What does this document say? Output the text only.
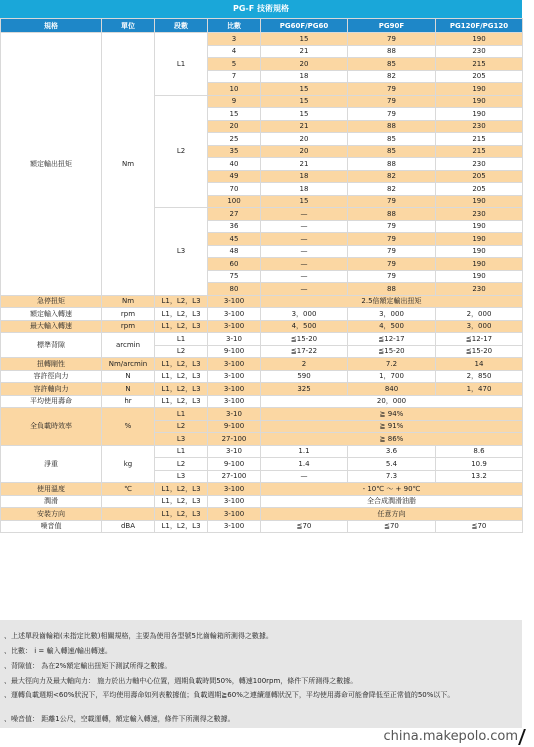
PG-F 技術規格
規格	單位	段數	比數	PG60F/PG60	PG90F	PG120F/PG120
額定輸出扭矩	Nm	L1	3	15	79	190
			4	21	88	230
			5	20	85	215
			7	18	82	205
			10	15	79	190
		L2	9	15	79	190
			15	15	79	190
			20	21	88	230
			25	20	85	215
			35	20	85	215
			40	21	88	230
			49	18	82	205
			70	18	82	205
			100	15	79	190
		L3	27	—	88	230
			36	—	79	190
			45	—	79	190
			48	—	79	190
			60	—	79	190
			75	—	79	190
			80	—	88	230
急停扭矩	Nm	L1，L2，L3	3-100	2.5倍額定輸出扭矩		
額定輸入轉速	rpm	L1，L2，L3	3-100	3，000	3，000	2，000
最大輸入轉速	rpm	L1，L2，L3	3-100	4，500	4，500	3，000
標準背隙	arcmin	L1	3-10	≦15-20	≦12-17	≦12-17
		L2	9-100	≦17-22	≦15-20	≦15-20
扭轉剛性	Nm/arcmin	L1，L2，L3	3-100	2	7.2	14
容許徑向力	N	L1，L2，L3	3-100	590	1，700	2，850
容許軸向力	N	L1，L2，L3	3-100	325	840	1，470
平均使用壽命	hr	L1，L2，L3	3-100	20，000		
全負載時效率	%	L1	3-10	≧ 94%		
		L2	9-100	≧ 91%		
		L3	27-100	≧ 86%		
淨重	kg	L1	3-10	1.1	3.6	8.6
		L2	9-100	1.4	5.4	10.9
		L3	27-100	—	7.3	13.2
使用溫度	℃	L1，L2，L3	3-100	- 10℃ ～ + 90℃		
潤滑		L1，L2，L3	3-100	全合成潤滑油脂		
安裝方向		L1，L2，L3	3-100	任意方向		
噪音值	dBA	L1，L2，L3	3-100	≦70	≦70	≦70
、上述單段齒輪箱(未指定比數)相關規格，主要為使用各型號5比齒輪箱所測得之數據。
、比數： i = 輸入轉速/輸出轉速。
、背隙值： 為在2%額定輸出扭矩下測試所得之數據。
、最大徑向力及最大軸向力： 施力於出力軸中心位置，週期負載時間50%，轉速100rpm，條件下所測得之數據。
、運轉負載週期<60%狀況下，平均使用壽命如列表數據值；負載週期≧60%之連續運轉狀況下，平均使用壽命可能會降低至正常值的50%以下。
、噪音值： 距離1公尺，空載運轉，額定輸入轉速，條件下所測得之數據。
china.makepolo.com
